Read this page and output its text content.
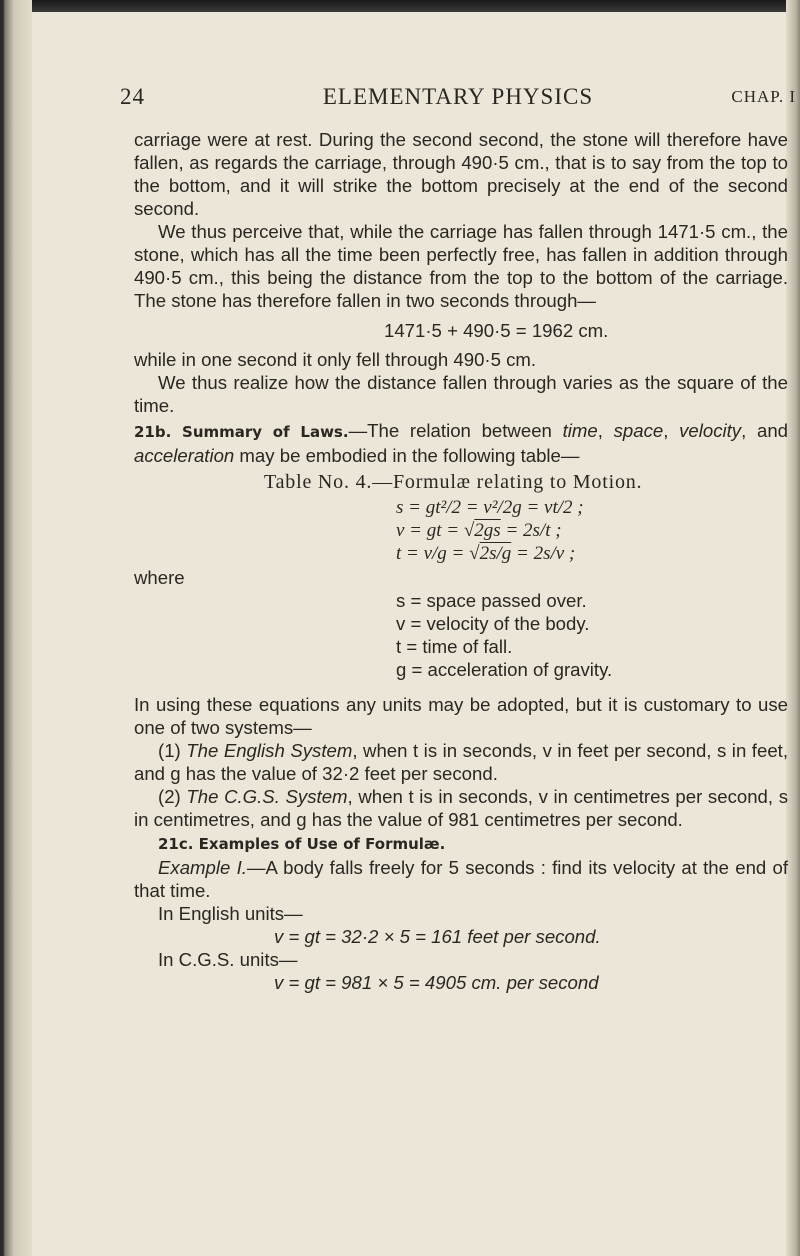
24	ELEMENTARY PHYSICS	CHAP. I

carriage were at rest. During the second second, the stone will therefore have fallen, as regards the carriage, through 490·5 cm., that is to say from the top to the bottom, and it will strike the bottom precisely at the end of the second second.

We thus perceive that, while the carriage has fallen through 1471·5 cm., the stone, which has all the time been perfectly free, has fallen in addition through 490·5 cm., this being the distance from the top to the bottom of the carriage. The stone has therefore fallen in two seconds through—

1471·5 + 490·5 = 1962 cm.

while in one second it only fell through 490·5 cm.

We thus realize how the distance fallen through varies as the square of the time.

21b. Summary of Laws.—The relation between time, space, velocity, and acceleration may be embodied in the following table—

Table No. 4.—Formulæ relating to Motion.

s = gt²/2 = v²/2g = vt/2 ;
v = gt = √2gs = 2s/t ;
t = v/g = √2s/g = 2s/v ;

where

s = space passed over.

v = velocity of the body.

t = time of fall.

g = acceleration of gravity.

In using these equations any units may be adopted, but it is customary to use one of two systems—

(1) The English System, when t is in seconds, v in feet per second, s in feet, and g has the value of 32·2 feet per second.

(2) The C.G.S. System, when t is in seconds, v in centimetres per second, s in centimetres, and g has the value of 981 centimetres per second.

21c. Examples of Use of Formulæ.

Example I.—A body falls freely for 5 seconds : find its velocity at the end of that time.

In English units—

v = gt = 32·2 × 5 = 161 feet per second.

In C.G.S. units—

v = gt = 981 × 5 = 4905 cm. per second
